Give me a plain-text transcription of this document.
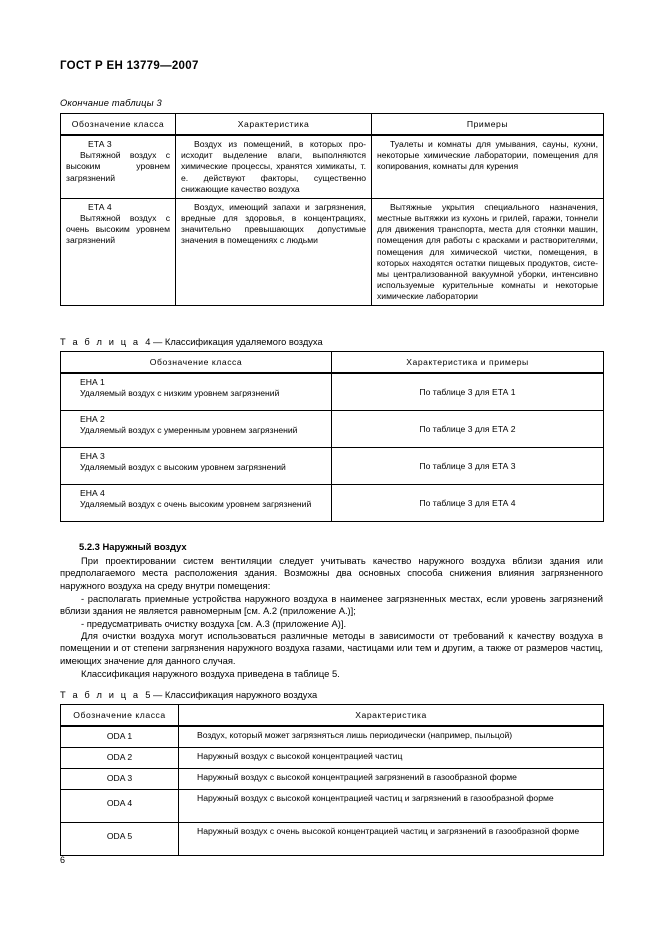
ГОСТ Р ЕН 13779—2007
Окончание таблицы 3
Обозначение класса	Характеристика	Примеры

ЕТА 3
Вытяжной воздух с высоким уровнем загрязнений	Воздух из помещений, в которых происходит выделение влаги, выполняются химические процессы, хранятся химикаты, т. е. действуют факторы, существенно снижающие качество воздуха	Туалеты и комнаты для умывания, сауны, кухни, некоторые химические лаборатории, помещения для копирования, комнаты для курения

ЕТА 4
Вытяжной воздух с очень высоким уровнем загрязнений	Воздух, имеющий запахи и загрязнения, вредные для здоровья, в концентрациях, значительно превышающих допустимые значения в помещениях с людьми	Вытяжные укрытия специального назначения, местные вытяжки из кухонь и грилей, гаражи, тоннели для движения транспорта, места для стоянки машин, помещения для работы с красками и растворителями, помещения для химической чистки, помещения, в которых находятся остатки пищевых продуктов, системы централизованной вакуумной уборки, интенсивно используемые курительные комнаты и некоторые химические лаборатории
Т а б л и ц а 4 — Классификация удаляемого воздуха
Обозначение класса	Характеристика и примеры

ЕНА 1
Удаляемый воздух с низким уровнем загрязнений	По таблице 3 для ЕТА 1

ЕНА 2
Удаляемый воздух с умеренным уровнем загрязнений	По таблице 3 для ЕТА 2

ЕНА 3
Удаляемый воздух с высоким уровнем загрязнений	По таблице 3 для ЕТА 3

ЕНА 4
Удаляемый воздух с очень высоким уровнем загрязнений	По таблице 3 для ЕТА 4
5.2.3 Наружный воздух
При проектировании систем вентиляции следует учитывать качество наружного воздуха вблизи здания или предполагаемого места расположения здания. Возможны два основных способа снижения влияния загрязненного наружного воздуха на среду внутри помещения:
- располагать приемные устройства наружного воздуха в наименее загрязненных местах, если уровень загрязнений вблизи здания не является равномерным [см. А.2 (приложение А.)];
- предусматривать очистку воздуха [см. А.3 (приложение А)].
Для очистки воздуха могут использоваться различные методы в зависимости от требований к качеству воздуха в помещении и от степени загрязнения наружного воздуха газами, частицами или тем и другим, а также от размеров частиц, имеющих значение для данного случая.
Классификация наружного воздуха приведена в таблице 5.
Т а б л и ц а 5 — Классификация наружного воздуха
Обозначение класса	Характеристика
ODA 1	Воздух, который может загрязняться лишь периодически (например, пыльцой)
ODA 2	Наружный воздух с высокой концентрацией частиц
ODA 3	Наружный воздух с высокой концентрацией загрязнений в газообразной форме

ODA 4	Наружный воздух с высокой концентрацией частиц и загрязнений в газообразной форме

ODA 5	Наружный воздух с очень высокой концентрацией частиц и загрязнений в газообразной форме
6
